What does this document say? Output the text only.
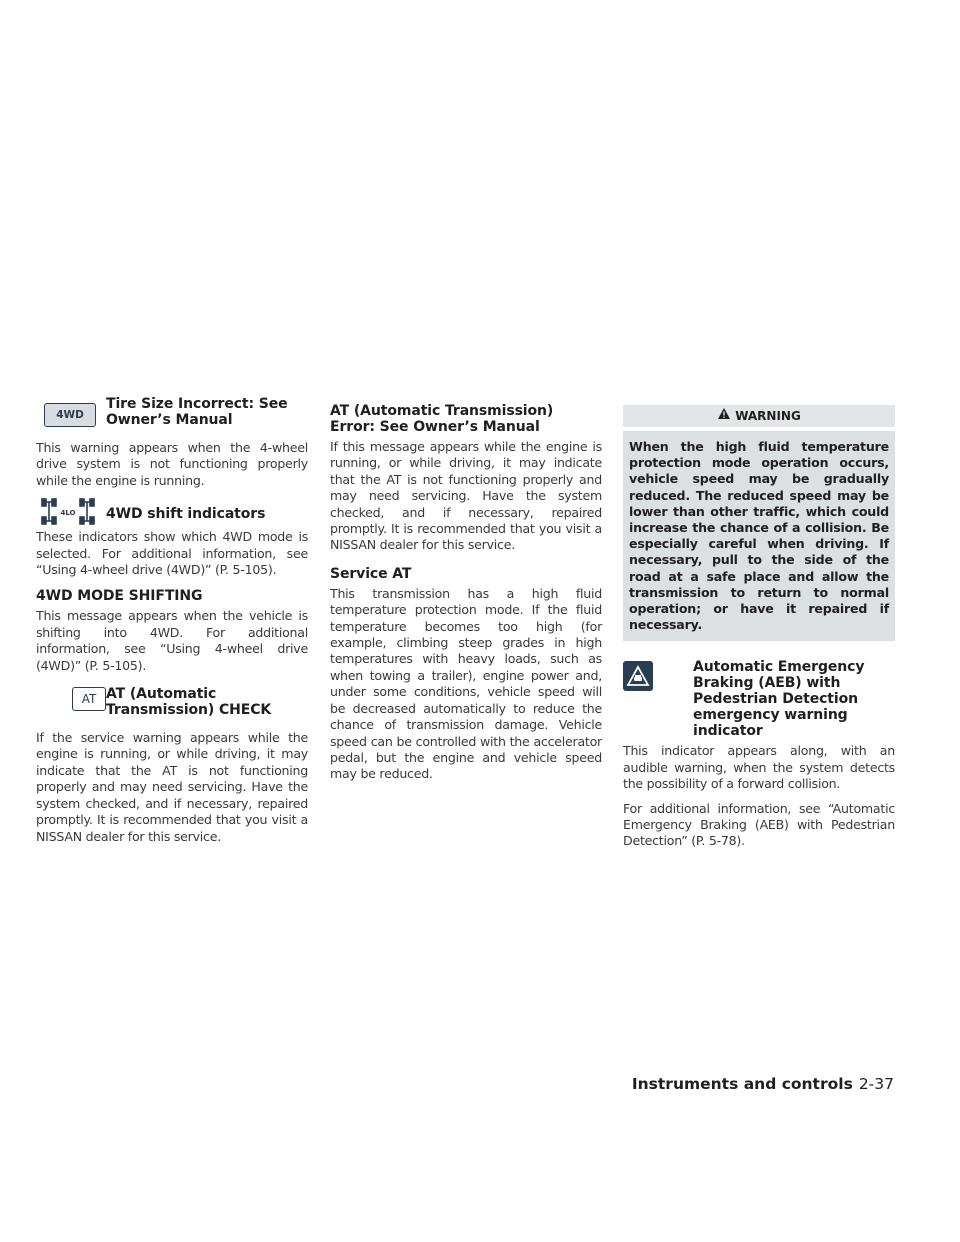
4WD
Tire Size Incorrect: See Owner’s Manual

This warning appears when the 4-wheel drive system is not functioning properly while the engine is running.

4LO 4WD shift indicators

These indicators show which 4WD mode is selected. For additional information, see “Using 4-wheel drive (4WD)” (P. 5-105).

4WD MODE SHIFTING

This message appears when the vehicle is shifting into 4WD. For additional information, see “Using 4-wheel drive (4WD)” (P. 5-105).

AT AT (Automatic Transmission) CHECK

If the service warning appears while the engine is running, or while driving, it may indicate that the AT is not functioning properly and may need servicing. Have the system checked, and if necessary, repaired promptly. It is recommended that you visit a NISSAN dealer for this service.

AT (Automatic Transmission) Error: See Owner’s Manual

If this message appears while the engine is running, or while driving, it may indicate that the AT is not functioning properly and may need servicing. Have the system checked, and if necessary, repaired promptly. It is recommended that you visit a NISSAN dealer for this service.

Service AT

This transmission has a high fluid temperature protection mode. If the fluid temperature becomes too high (for example, climbing steep grades in high temperatures with heavy loads, such as when towing a trailer), engine power and, under some conditions, vehicle speed will be decreased automatically to reduce the chance of transmission damage. Vehicle speed can be controlled with the accelerator pedal, but the engine and vehicle speed may be reduced.

WARNING
When the high fluid temperature protection mode operation occurs, vehicle speed may be gradually reduced. The reduced speed may be lower than other traffic, which could increase the chance of a collision. Be especially careful when driving. If necessary, pull to the side of the road at a safe place and allow the transmission to return to normal operation; or have it repaired if necessary.
Automatic Emergency Braking (AEB) with Pedestrian Detection emergency warning indicator

This indicator appears along, with an audible warning, when the system detects the possibility of a forward collision.

For additional information, see “Automatic Emergency Braking (AEB) with Pedestrian Detection” (P. 5-78).

Instruments and controls 2-37
